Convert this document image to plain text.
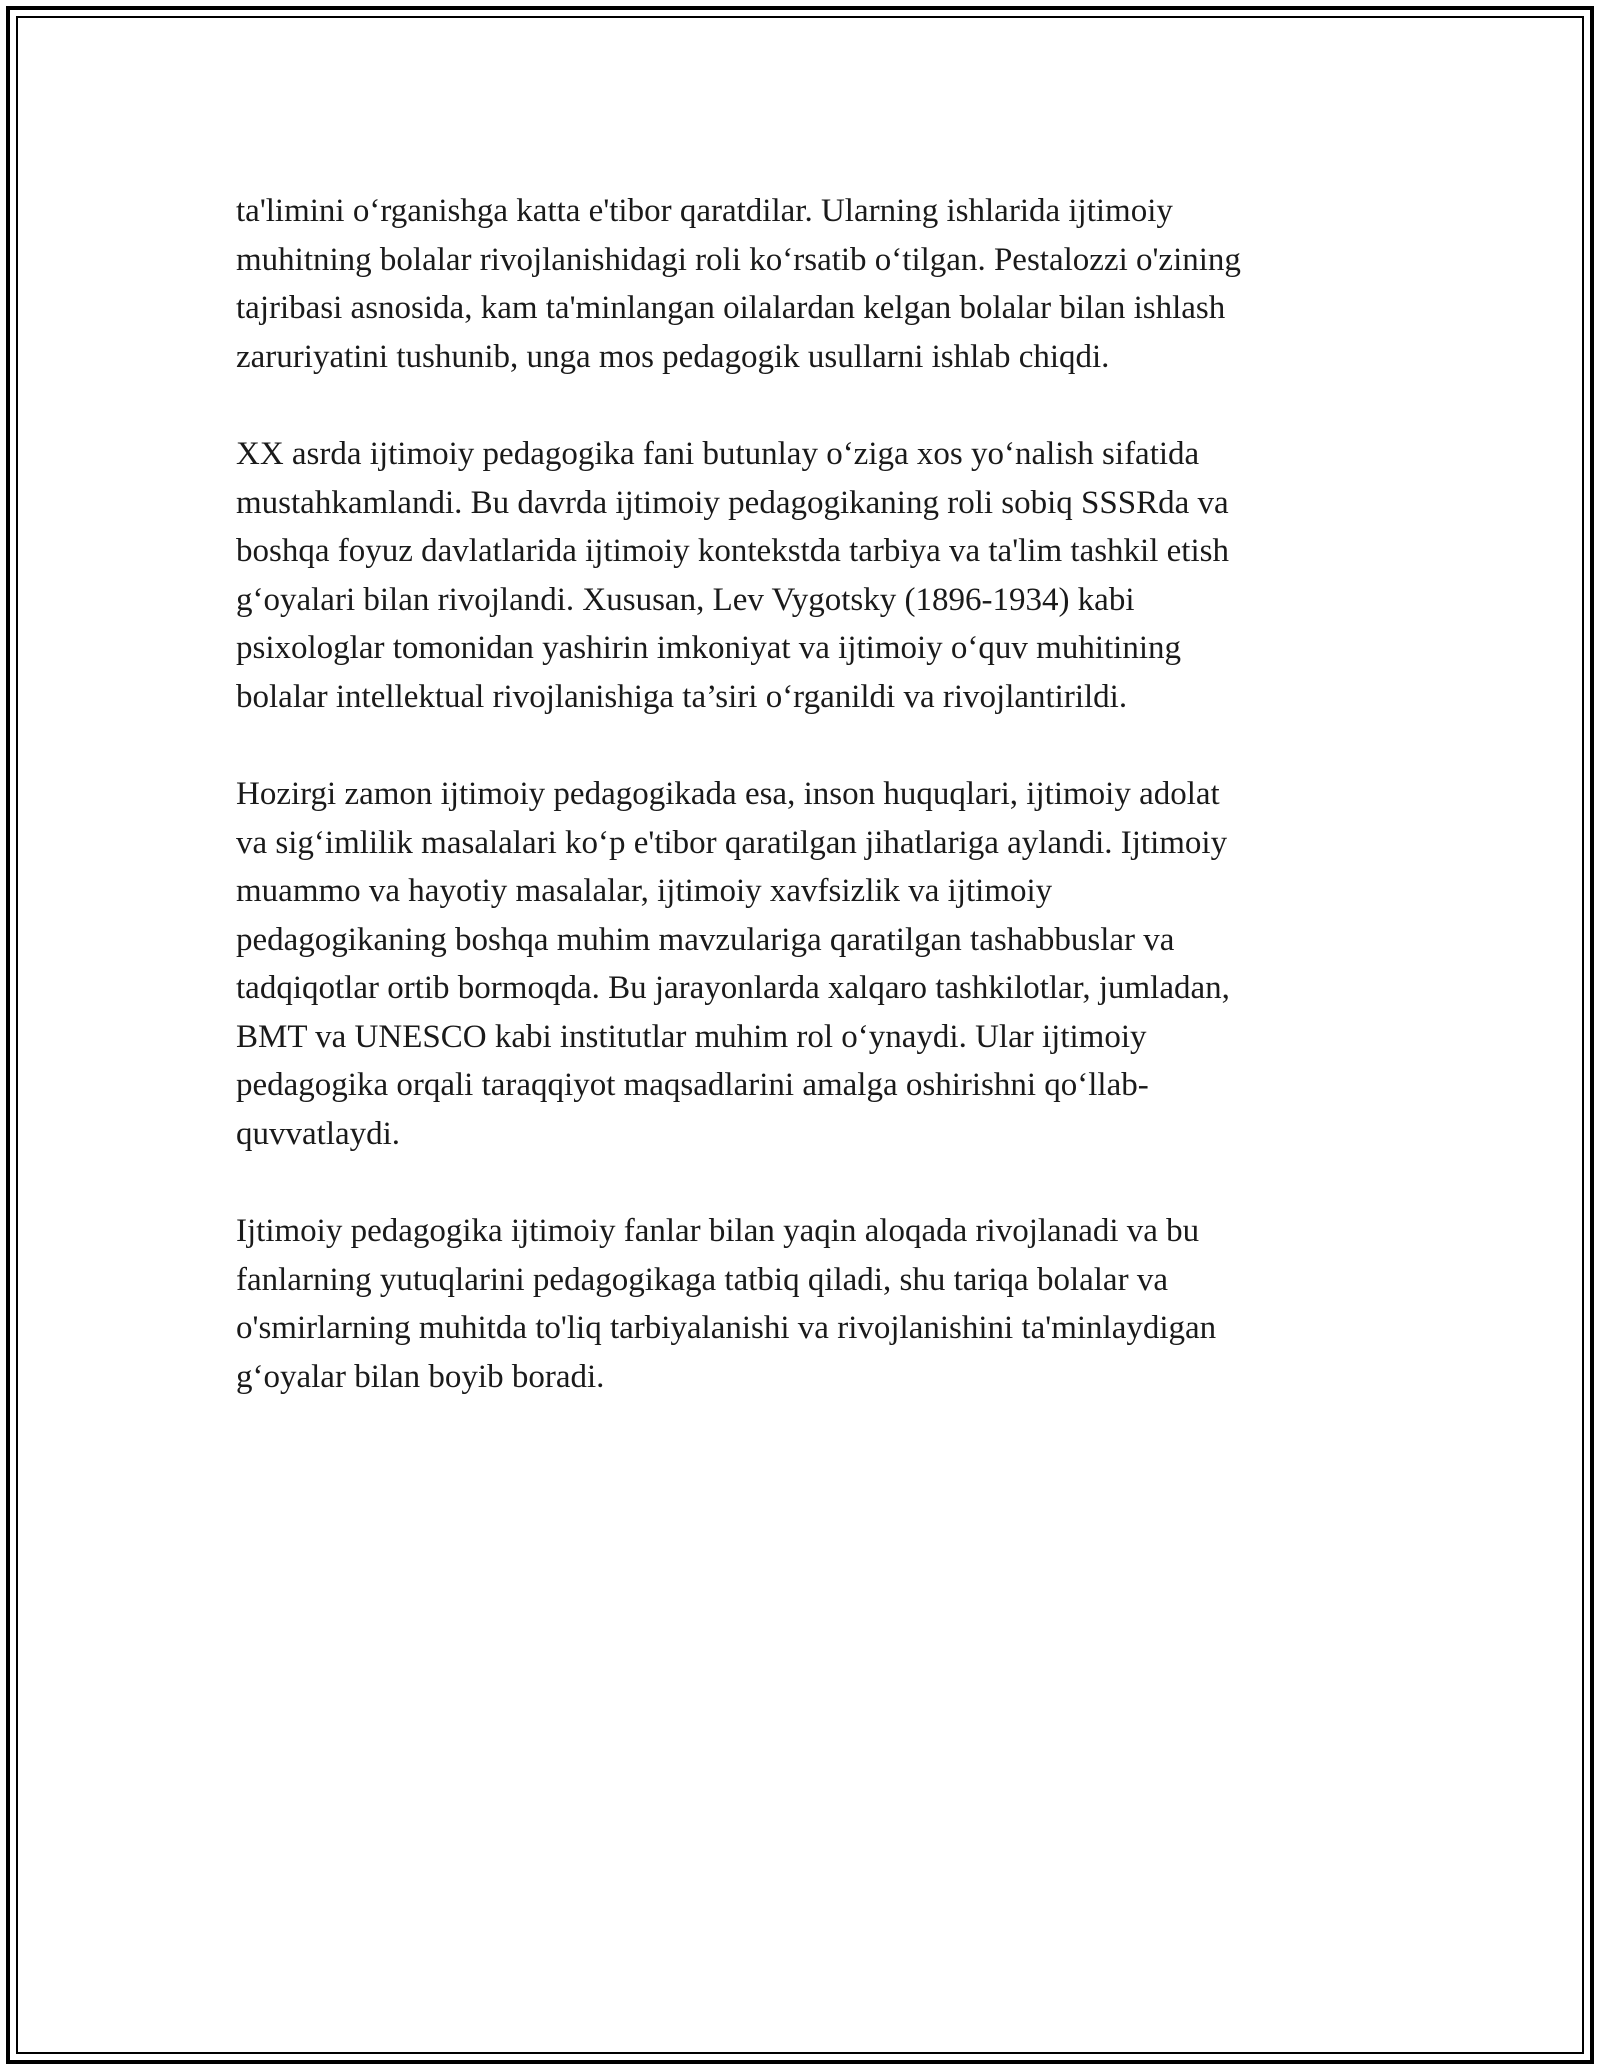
ta'limini o‘rganishga katta e'tibor qaratdilar. Ularning ishlarida ijtimoiy
muhitning bolalar rivojlanishidagi roli ko‘rsatib o‘tilgan. Pestalozzi o'zining
tajribasi asnosida, kam ta'minlangan oilalardan kelgan bolalar bilan ishlash
zaruriyatini tushunib, unga mos pedagogik usullarni ishlab chiqdi.

XX asrda ijtimoiy pedagogika fani butunlay o‘ziga xos yo‘nalish sifatida
mustahkamlandi. Bu davrda ijtimoiy pedagogikaning roli sobiq SSSRda va
boshqa foyuz davlatlarida ijtimoiy kontekstda tarbiya va ta'lim tashkil etish
g‘oyalari bilan rivojlandi. Xususan, Lev Vygotsky (1896-1934) kabi
psixologlar tomonidan yashirin imkoniyat va ijtimoiy o‘quv muhitining
bolalar intellektual rivojlanishiga ta’siri o‘rganildi va rivojlantirildi.

Hozirgi zamon ijtimoiy pedagogikada esa, inson huquqlari, ijtimoiy adolat
va sig‘imlilik masalalari ko‘p e'tibor qaratilgan jihatlariga aylandi. Ijtimoiy
muammo va hayotiy masalalar, ijtimoiy xavfsizlik va ijtimoiy
pedagogikaning boshqa muhim mavzulariga qaratilgan tashabbuslar va
tadqiqotlar ortib bormoqda. Bu jarayonlarda xalqaro tashkilotlar, jumladan,
BMT va UNESCO kabi institutlar muhim rol o‘ynaydi. Ular ijtimoiy
pedagogika orqali taraqqiyot maqsadlarini amalga oshirishni qo‘llab-
quvvatlaydi.

Ijtimoiy pedagogika ijtimoiy fanlar bilan yaqin aloqada rivojlanadi va bu
fanlarning yutuqlarini pedagogikaga tatbiq qiladi, shu tariqa bolalar va
o'smirlarning muhitda to'liq tarbiyalanishi va rivojlanishini ta'minlaydigan
g‘oyalar bilan boyib boradi.
